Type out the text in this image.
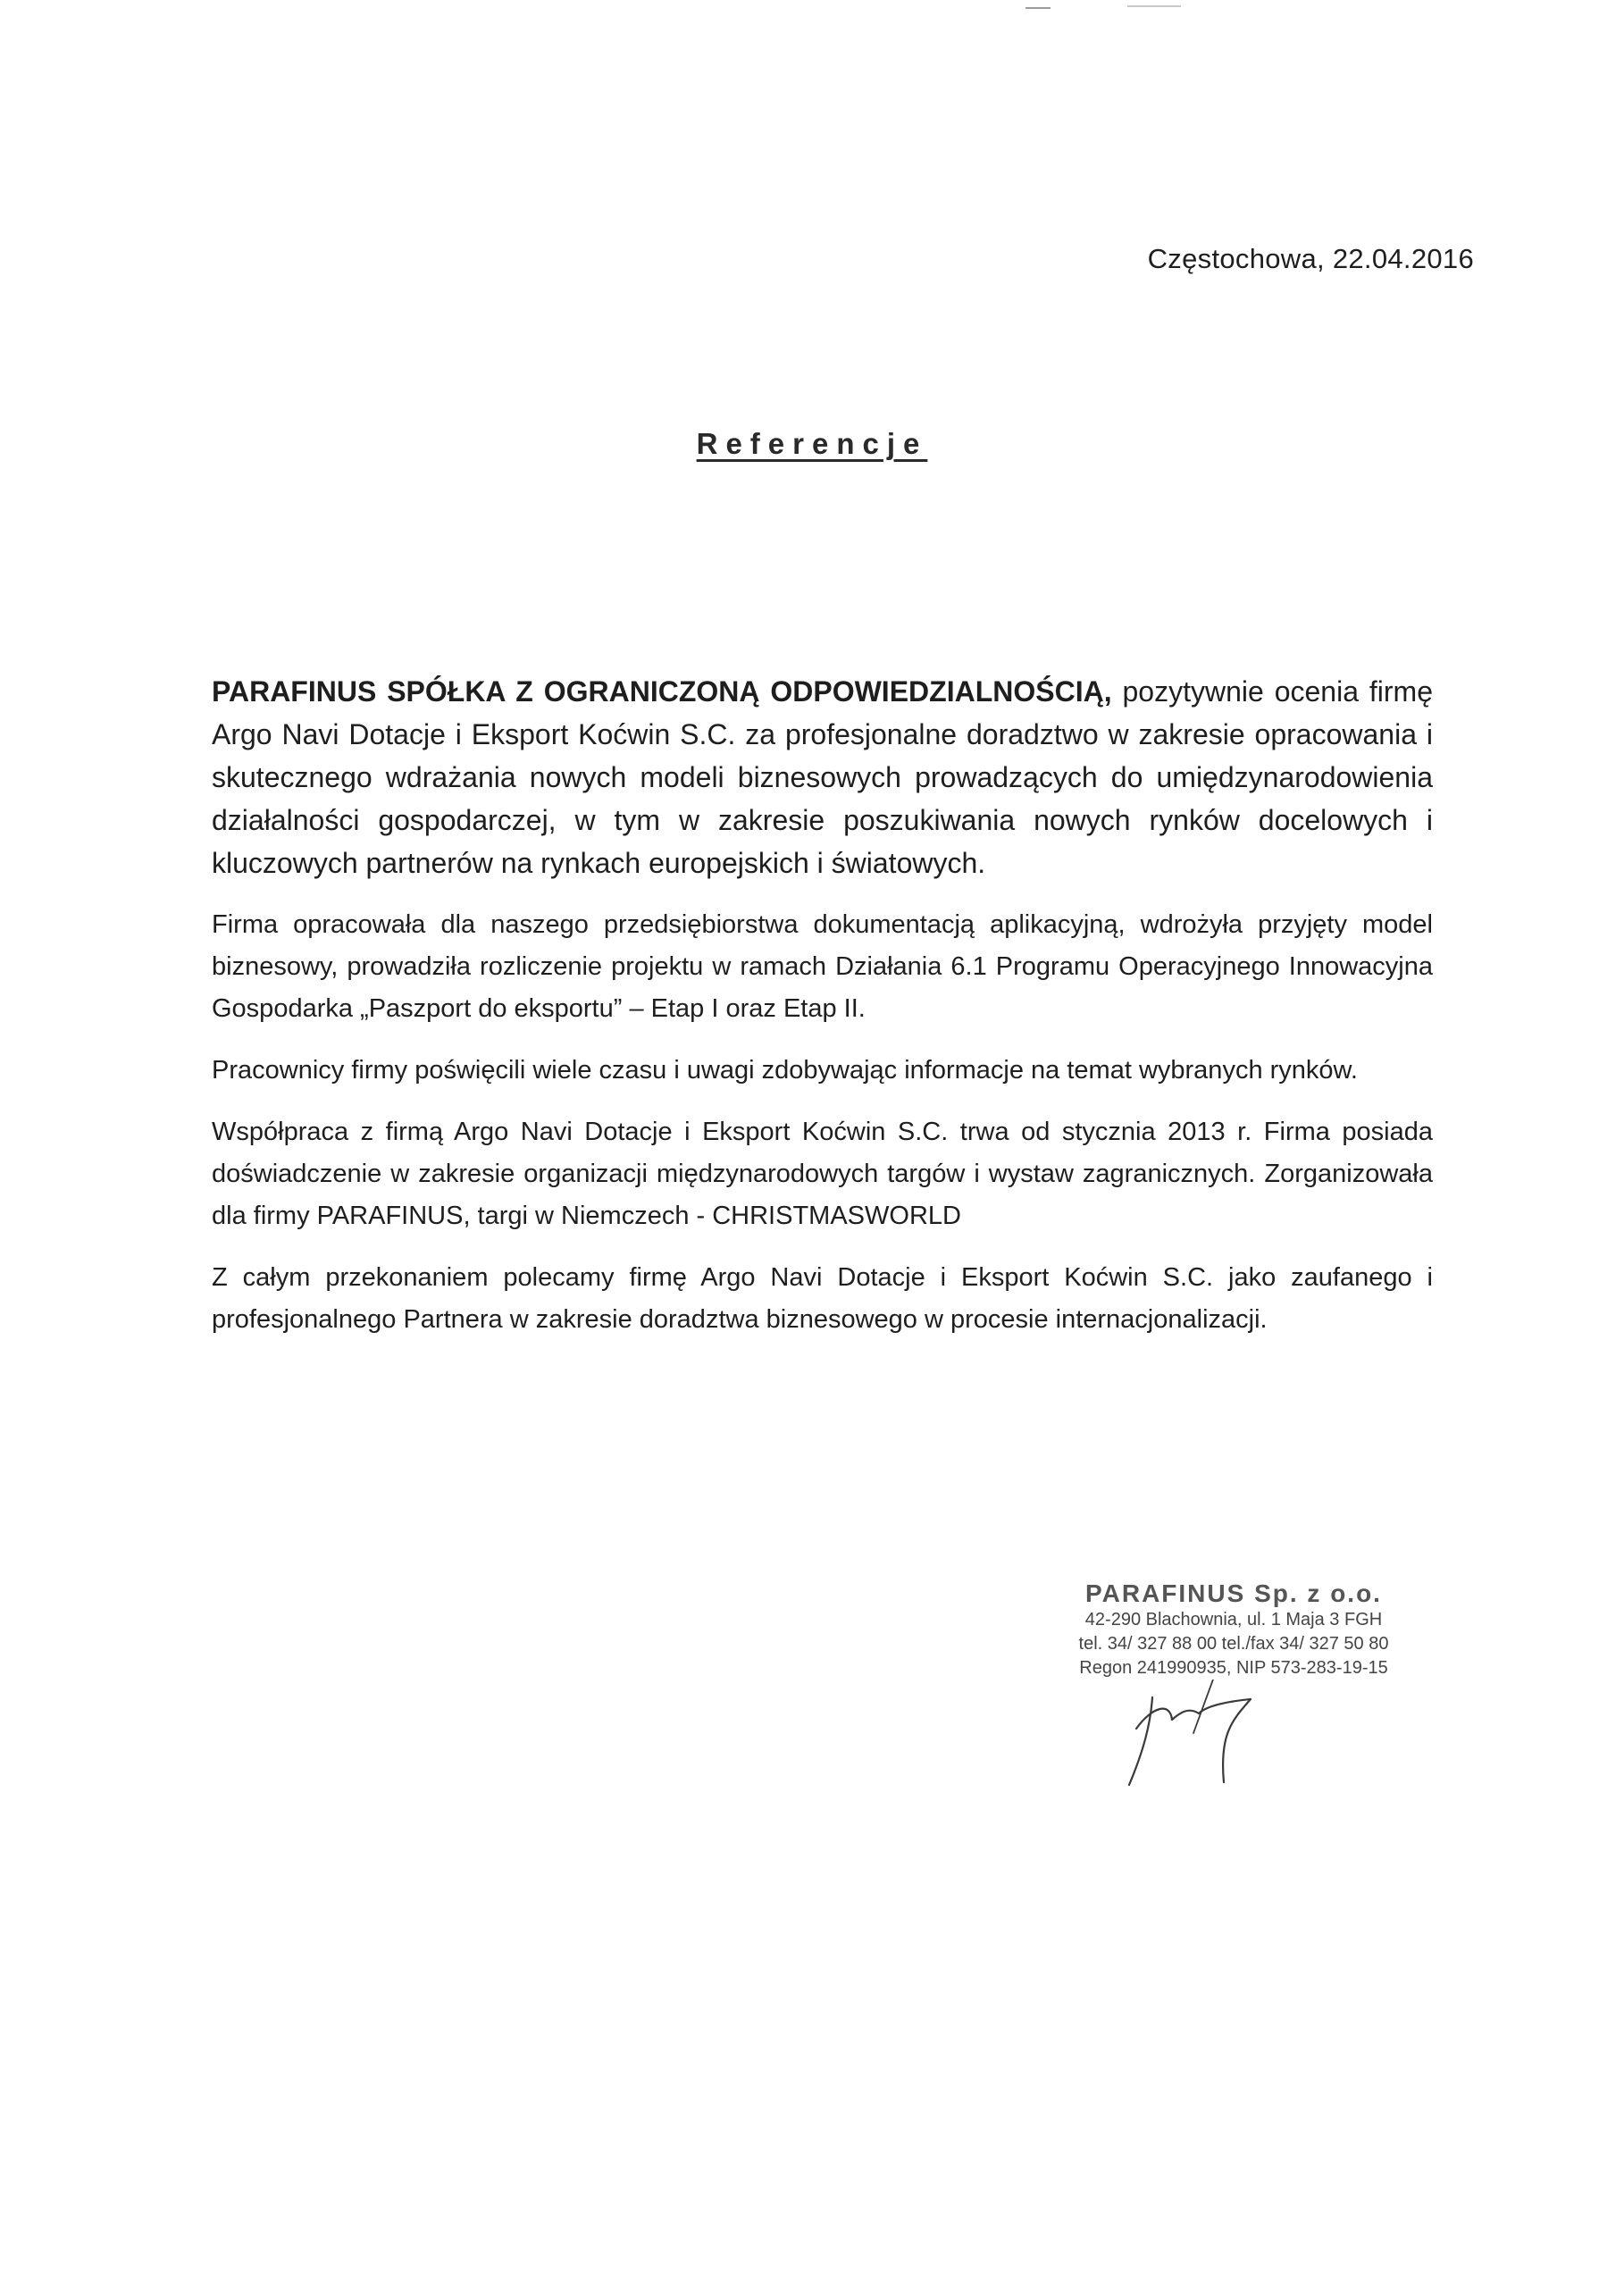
Częstochowa, 22.04.2016
Referencje

PARAFINUS SPÓŁKA Z OGRANICZONĄ ODPOWIEDZIALNOŚCIĄ, pozytywnie ocenia firmę Argo Navi Dotacje i Eksport Koćwin S.C. za profesjonalne doradztwo w zakresie opracowania i skutecznego wdrażania nowych modeli biznesowych prowadzących do umiędzynarodowienia działalności gospodarczej, w tym w zakresie poszukiwania nowych rynków docelowych i kluczowych partnerów na rynkach europejskich i światowych.

Firma opracowała dla naszego przedsiębiorstwa dokumentacją aplikacyjną, wdrożyła przyjęty model biznesowy, prowadziła rozliczenie projektu w ramach Działania 6.1 Programu Operacyjnego Innowacyjna Gospodarka „Paszport do eksportu” – Etap I oraz Etap II.

Pracownicy firmy poświęcili wiele czasu i uwagi zdobywając informacje na temat wybranych rynków.

Współpraca z firmą Argo Navi Dotacje i Eksport Koćwin S.C. trwa od stycznia 2013 r. Firma posiada doświadczenie w zakresie organizacji międzynarodowych targów i wystaw zagranicznych. Zorganizowała dla firmy PARAFINUS, targi w Niemczech - CHRISTMASWORLD

Z całym przekonaniem polecamy firmę Argo Navi Dotacje i Eksport Koćwin S.C. jako zaufanego i profesjonalnego Partnera w zakresie doradztwa biznesowego w procesie internacjonalizacji.

PARAFINUS Sp. z o.o.
42-290 Blachownia, ul. 1 Maja 3 FGH
tel. 34/ 327 88 00 tel./fax 34/ 327 50 80
Regon 241990935, NIP 573-283-19-15
